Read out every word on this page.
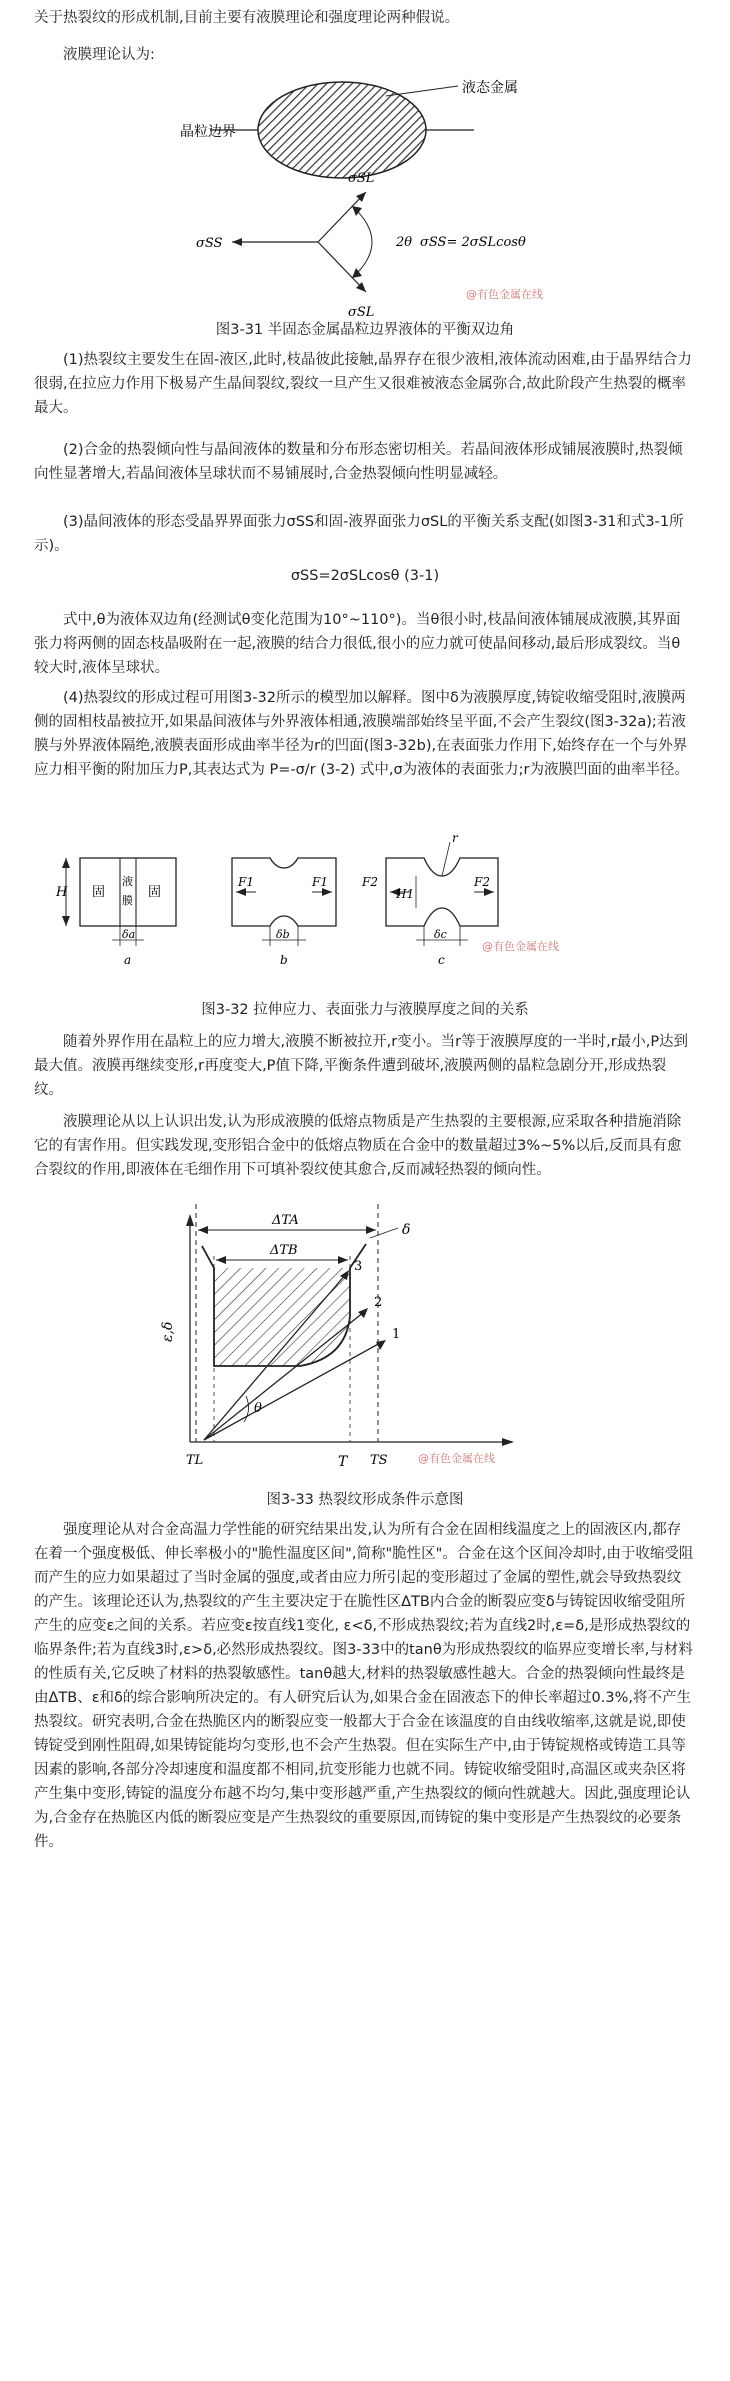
关于热裂纹的形成机制,目前主要有液膜理论和强度理论两种假说。

液膜理论认为:

液态金属
晶粒边界
σSL
σSL
σSS	2θ σSS= 2σSLcosθ
@有色金属在线
图3-31 半固态金属晶粒边界液体的平衡双边角

(1)热裂纹主要发生在固-液区,此时,枝晶彼此接触,晶界存在很少液相,液体流动困难,由于晶界结合力很弱,在拉应力作用下极易产生晶间裂纹,裂纹一旦产生又很难被液态金属弥合,故此阶段产生热裂的概率最大。

(2)合金的热裂倾向性与晶间液体的数量和分布形态密切相关。若晶间液体形成铺展液膜时,热裂倾向性显著增大,若晶间液体呈球状而不易铺展时,合金热裂倾向性明显减轻。

(3)晶间液体的形态受晶界界面张力σSS和固-液界面张力σSL的平衡关系支配(如图3-31和式3-1所示)。

σSS=2σSLcosθ (3-1)

式中,θ为液体双边角(经测试θ变化范围为10°~110°)。当θ很小时,枝晶间液体铺展成液膜,其界面张力将两侧的固态枝晶吸附在一起,液膜的结合力很低,很小的应力就可使晶间移动,最后形成裂纹。当θ较大时,液体呈球状。

(4)热裂纹的形成过程可用图3-32所示的模型加以解释。图中δ为液膜厚度,铸锭收缩受阻时,液膜两侧的固相枝晶被拉开,如果晶间液体与外界液体相通,液膜端部始终呈平面,不会产生裂纹(图3-32a);若液膜与外界液体隔绝,液膜表面形成曲率半径为r的凹面(图3-32b),在表面张力作用下,始终存在一个与外界应力相平衡的附加压力P,其表达式为 P=-σ/r (3-2) 式中,σ为液体的表面张力;r为液膜凹面的曲率半径。

H 固
液
膜
固
δa
a
F1	F1
δb
b
F2	F2
H1
r
δc
c
@有色金属在线
图3-32 拉伸应力、表面张力与液膜厚度之间的关系

随着外界作用在晶粒上的应力增大,液膜不断被拉开,r变小。当r等于液膜厚度的一半时,r最小,P达到最大值。液膜再继续变形,r再度变大,P值下降,平衡条件遭到破坏,液膜两侧的晶粒急剧分开,形成热裂纹。

液膜理论从以上认识出发,认为形成液膜的低熔点物质是产生热裂的主要根源,应采取各种措施消除它的有害作用。但实践发现,变形铝合金中的低熔点物质在合金中的数量超过3%~5%以后,反而具有愈合裂纹的作用,即液体在毛细作用下可填补裂纹使其愈合,反而减轻热裂的倾向性。

ε,δ
T
ΔTA
ΔTB
δ
1
2
3
θ
TL	TS	@有色金属在线
图3-33 热裂纹形成条件示意图

强度理论从对合金高温力学性能的研究结果出发,认为所有合金在固相线温度之上的固液区内,都存在着一个强度极低、伸长率极小的"脆性温度区间",简称"脆性区"。合金在这个区间冷却时,由于收缩受阻而产生的应力如果超过了当时金属的强度,或者由应力所引起的变形超过了金属的塑性,就会导致热裂纹的产生。该理论还认为,热裂纹的产生主要决定于在脆性区ΔTB内合金的断裂应变δ与铸锭因收缩受阻所产生的应变ε之间的关系。若应变ε按直线1变化, ε<δ,不形成热裂纹;若为直线2时,ε=δ,是形成热裂纹的临界条件;若为直线3时,ε>δ,必然形成热裂纹。图3-33中的tanθ为形成热裂纹的临界应变增长率,与材料的性质有关,它反映了材料的热裂敏感性。tanθ越大,材料的热裂敏感性越大。合金的热裂倾向性最终是由ΔTB、ε和δ的综合影响所决定的。有人研究后认为,如果合金在固液态下的伸长率超过0.3%,将不产生热裂纹。研究表明,合金在热脆区内的断裂应变一般都大于合金在该温度的自由线收缩率,这就是说,即使铸锭受到刚性阻碍,如果铸锭能均匀变形,也不会产生热裂。但在实际生产中,由于铸锭规格或铸造工具等因素的影响,各部分冷却速度和温度都不相同,抗变形能力也就不同。铸锭收缩受阻时,高温区或夹杂区将产生集中变形,铸锭的温度分布越不均匀,集中变形越严重,产生热裂纹的倾向性就越大。因此,强度理论认为,合金存在热脆区内低的断裂应变是产生热裂纹的重要原因,而铸锭的集中变形是产生热裂纹的必要条件。
